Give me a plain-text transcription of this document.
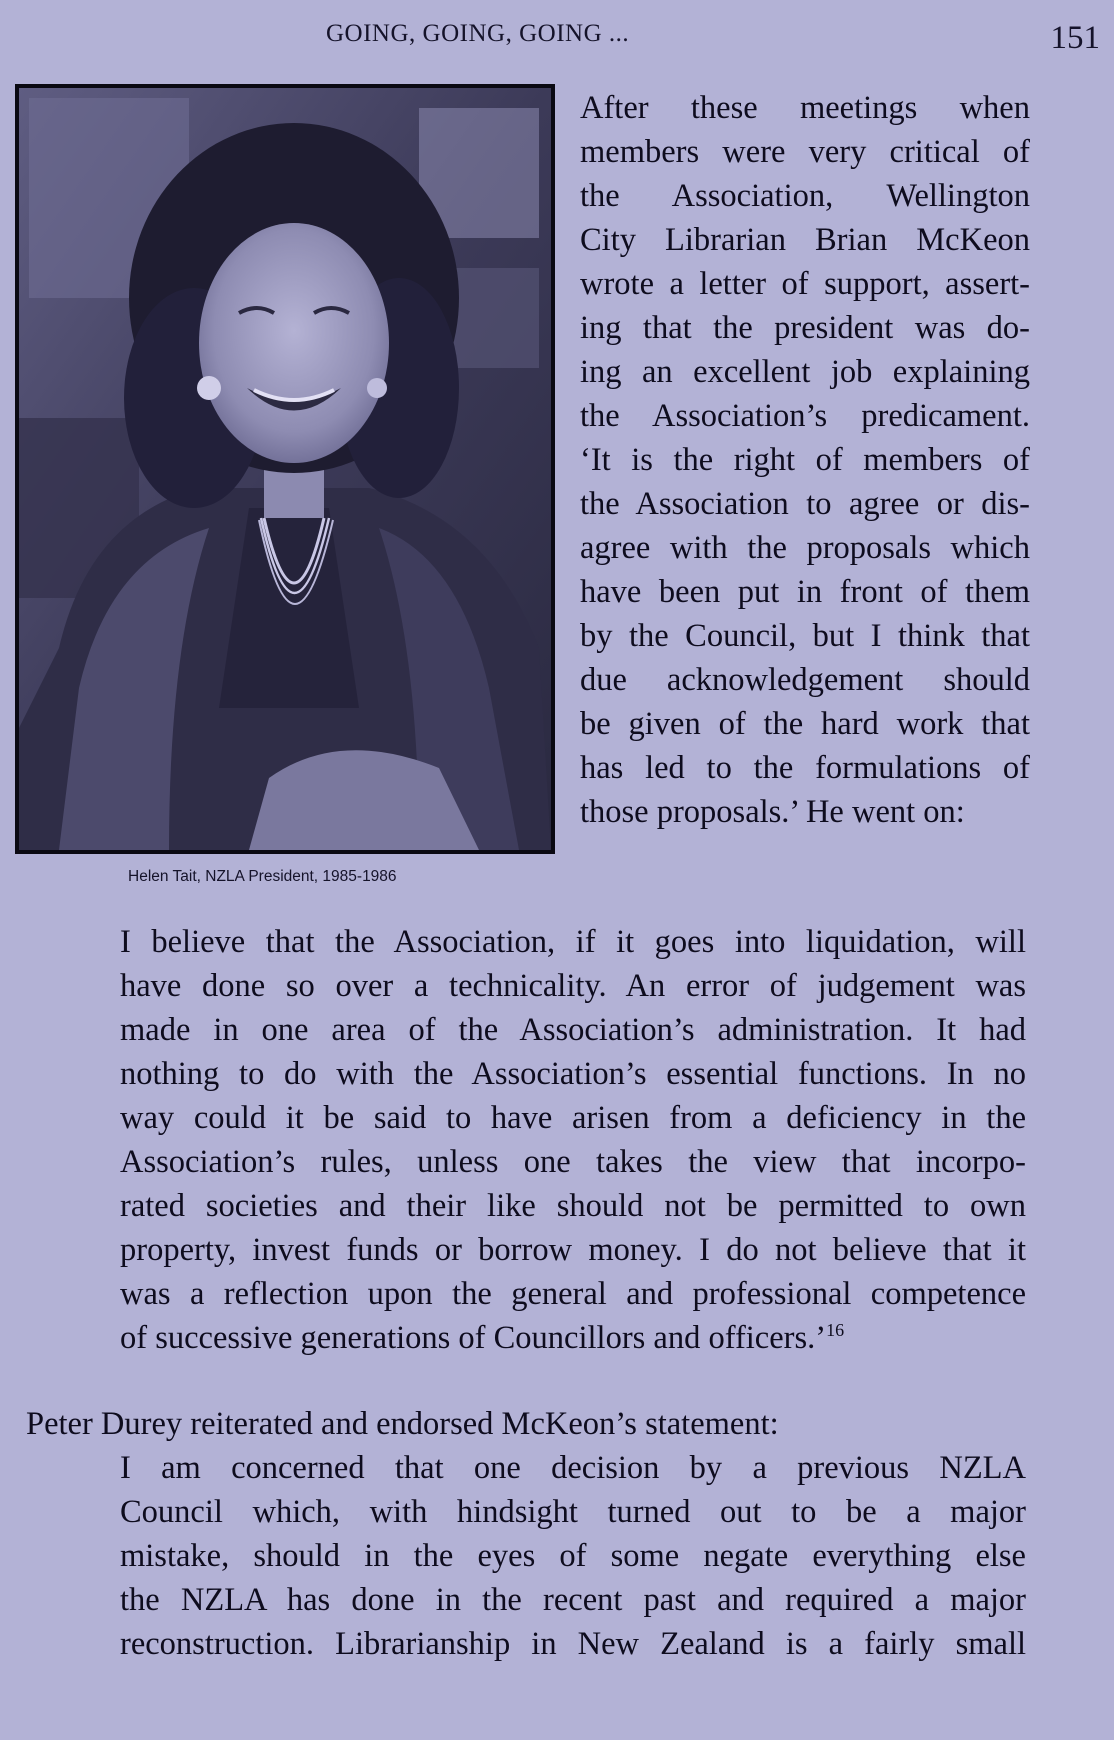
GOING, GOING, GOING ...	151
Helen Tait, NZLA President, 1985-1986
After these meetings when
members were very critical of
the Association, Wellington
City Librarian Brian McKeon
wrote a letter of support, assert-
ing that the president was do-
ing an excellent job explaining
the Association’s predicament.
‘It is the right of members of
the Association to agree or dis-
agree with the proposals which
have been put in front of them
by the Council, but I think that
due acknowledgement should
be given of the hard work that
has led to the formulations of
those proposals.’ He went on:
I believe that the Association, if it goes into liquidation, will
have done so over a technicality. An error of judgement was
made in one area of the Association’s administration. It had
nothing to do with the Association’s essential functions. In no
way could it be said to have arisen from a deficiency in the
Association’s rules, unless one takes the view that incorpo-
rated societies and their like should not be permitted to own
property, invest funds or borrow money. I do not believe that it
was a reflection upon the general and professional competence
of successive generations of Councillors and officers.’$^{16}$
Peter Durey reiterated and endorsed McKeon’s statement:
I am concerned that one decision by a previous NZLA
Council which, with hindsight turned out to be a major
mistake, should in the eyes of some negate everything else
the NZLA has done in the recent past and required a major
reconstruction. Librarianship in New Zealand is a fairly small
